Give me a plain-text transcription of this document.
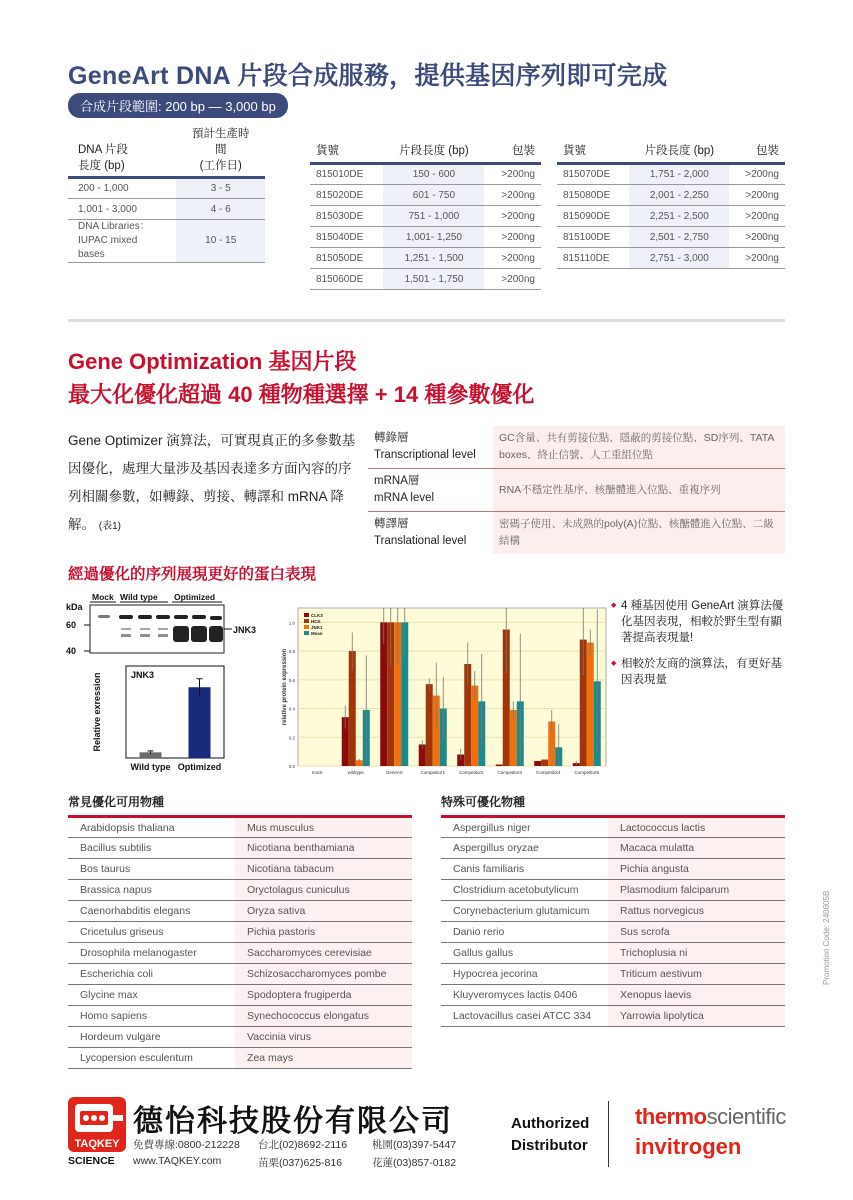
GeneArt DNA 片段合成服務，提供基因序列即可完成
合成片段範圍: 200 bp — 3,000 bp
DNA 片段
長度 (bp)	預計生產時間
(工作日)
200 - 1,000	3 - 5
1,001 - 3,000	4 - 6
DNA Libraries：
IUPAC mixed bases	10 - 15
貨號	片段長度 (bp)	包裝
815010DE	150 - 600	>200ng
815020DE	601 - 750	>200ng
815030DE	751 - 1,000	>200ng
815040DE	1,001- 1,250	>200ng
815050DE	1,251 - 1,500	>200ng
815060DE	1,501 - 1,750	>200ng
貨號	片段長度 (bp)	包裝
815070DE	1,751 - 2,000	>200ng
815080DE	2,001 - 2,250	>200ng
815090DE	2,251 - 2,500	>200ng
815100DE	2,501 - 2,750	>200ng
815110DE	2,751 - 3,000	>200ng
Gene Optimization 基因片段
最大化優化超過 40 種物種選擇 + 14 種參數優化
Gene Optimizer 演算法，可實現真正的多參數基因優化，處理大量涉及基因表達多方面內容的序列相關參數，如轉錄、剪接、轉譯和 mRNA 降解。 (表1)
轉錄層
Transcriptional level	GC含量、共有剪接位點、隱蔽的剪接位點、SD序列、TATA boxes、終止信號、人工重組位點
mRNA層
mRNA level	RNA不穩定性基序、核醣體進入位點、重複序列
轉譯層
Translational level	密碼子使用、未成熟的poly(A)位點、核醣體進入位點、二級結構
經過優化的序列展現更好的蛋白表現
kDa
Mock Wild type Optimized
60
40
JNK3
JNK3
Relative exression
Wild type Optimized	0.0
0.2
0.4
0.6
0.8
1.0
relative protein expression
mock	wildtype	GeneArt	Competitor1	Competitor2	Competitor3	Competitor4	Competitor5
CLK3
HCK
JNK1
Mean
◆ 4 種基因使用 GeneArt 演算法優化基因表現，相較於野生型有顯著提高表現量!
◆ 相較於友商的演算法，有更好基因表現量
常見優化可用物種

Arabidopsis thaliana	Mus musculus
Bacillus subtilis	Nicotiana benthamiana
Bos taurus	Nicotiana tabacum
Brassica napus	Oryctolagus cuniculus
Caenorhabditis elegans	Oryza sativa
Cricetulus griseus	Pichia pastoris
Drosophila melanogaster	Saccharomyces cerevisiae
Escherichia coli	Schizosaccharomyces pombe
Glycine max	Spodoptera frugiperda
Homo sapiens	Synechococcus elongatus
Hordeum vulgare	Vaccinia virus
Lycopersion esculentum	Zea mays
特殊可優化物種

Aspergillus niger	Lactococcus lactis
Aspergillus oryzae	Macaca mulatta
Canis familiaris	Pichia angusta
Clostridium acetobutylicum	Plasmodium falciparum
Corynebacterium glutamicum	Rattus norvegicus
Danio rerio	Sus scrofa
Gallus gallus	Trichoplusia ni
Hypocrea jecorina	Triticum aestivum
Kluyveromyces lactis 0406	Xenopus laevis
Lactovacillus casei ATCC 334	Yarrowia lipolytica
Promotion Code: 240605B
TAQKEY
SCIENCE
德怡科技股份有限公司
免費專線:0800-212228
www.TAQKEY.com
台北(02)8692-2116
苗栗(037)625-816
桃園(03)397-5447
花蓮(03)857-0182
Authorized
Distributor
thermoscientific
invitrogen
